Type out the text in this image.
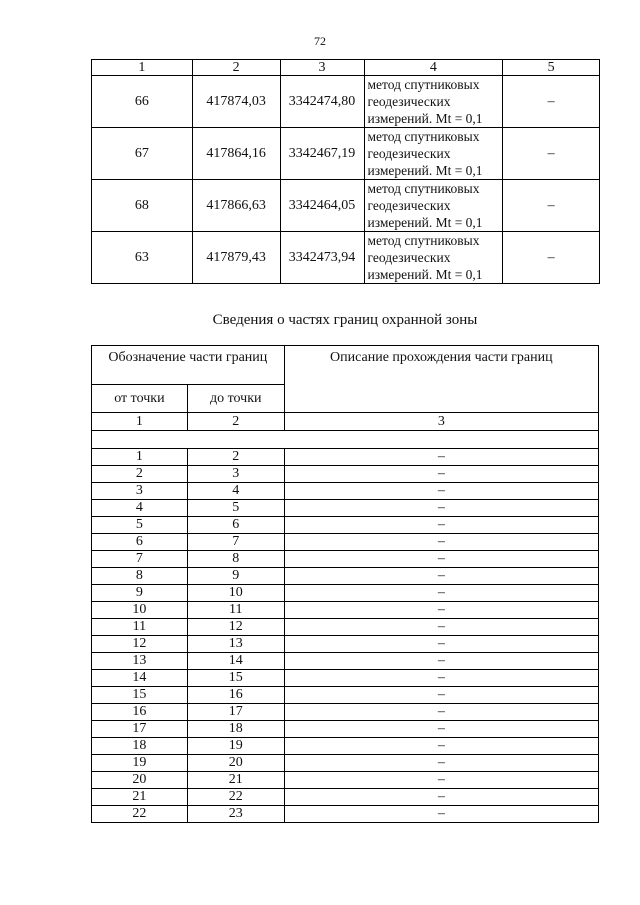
72
1	2	3	4	5
66	417874,03	3342474,80	метод спутниковых
геодезических
измерений. Mt = 0,1	–
67	417864,16	3342467,19	метод спутниковых
геодезических
измерений. Mt = 0,1	–
68	417866,63	3342464,05	метод спутниковых
геодезических
измерений. Mt = 0,1	–
63	417879,43	3342473,94	метод спутниковых
геодезических
измерений. Mt = 0,1	–
Сведения о частях границ охранной зоны
Обозначение части границ		Описание прохождения части границ
от точки	до точки	
1	2	3

1	2	–
2	3	–
3	4	–
4	5	–
5	6	–
6	7	–
7	8	–
8	9	–
9	10	–
10	11	–
11	12	–
12	13	–
13	14	–
14	15	–
15	16	–
16	17	–
17	18	–
18	19	–
19	20	–
20	21	–
21	22	–
22	23	–
